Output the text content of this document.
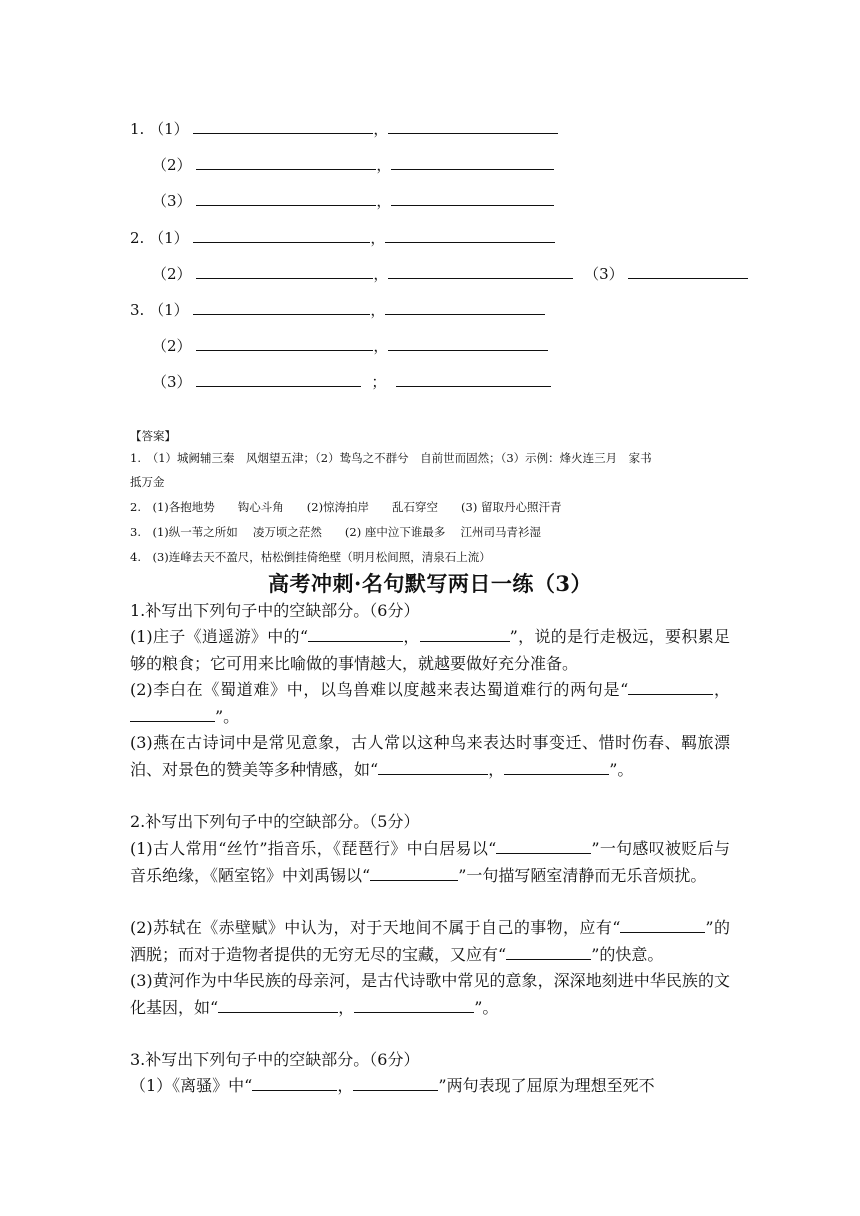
1. （1）	，
（2）	，
（3）	，
2. （1）	，
（2）	，	（3）
3. （1）	，
（2）	，
（3）	；
【答案】
1.　（1）城阙辅三秦　风烟望五津；（2）鸷鸟之不群兮　自前世而固然；（3）示例：烽火连三月　家书
抵万金
2.　(1)各抱地势　　钩心斗角　　(2)惊涛拍岸　　乱石穿空　　(3) 留取丹心照汗青
3.　(1)纵一苇之所如　 凌万顷之茫然　　(2) 座中泣下谁最多　 江州司马青衫湿
4.　(3)连峰去天不盈尺，枯松倒挂倚绝壁（明月松间照，清泉石上流）
高考冲刺·名句默写两日一练（3）
1.补写出下列句子中的空缺部分。（6分）
(1)庄子《逍遥游》中的“	，	”，说的是行走极远，要积累足够的粮食；它可用来比喻做的事情越大，就越要做好充分准备。
(2)李白在《蜀道难》中，以鸟兽难以度越来表达蜀道难行的两句是“	，”。
(3)燕在古诗词中是常见意象，古人常以这种鸟来表达时事变迁、惜时伤春、羁旅漂泊、对景色的赞美等多种情感，如“	，	”。
2.补写出下列句子中的空缺部分。（5分）
(1)古人常用“丝竹”指音乐，《琵琶行》中白居易以“	”一句感叹被贬后与音乐绝缘，《陋室铭》中刘禹锡以“	”一句描写陋室清静而无乐音烦扰。
(2)苏轼在《赤壁赋》中认为，对于天地间不属于自己的事物，应有“	”的洒脱；而对于造物者提供的无穷无尽的宝藏，又应有“	”的快意。
(3)黄河作为中华民族的母亲河，是古代诗歌中常见的意象，深深地刻进中华民族的文化基因，如“	，	”。
3.补写出下列句子中的空缺部分。（6分）
（1）《离骚》中“	，	”两句表现了屈原为理想至死不
